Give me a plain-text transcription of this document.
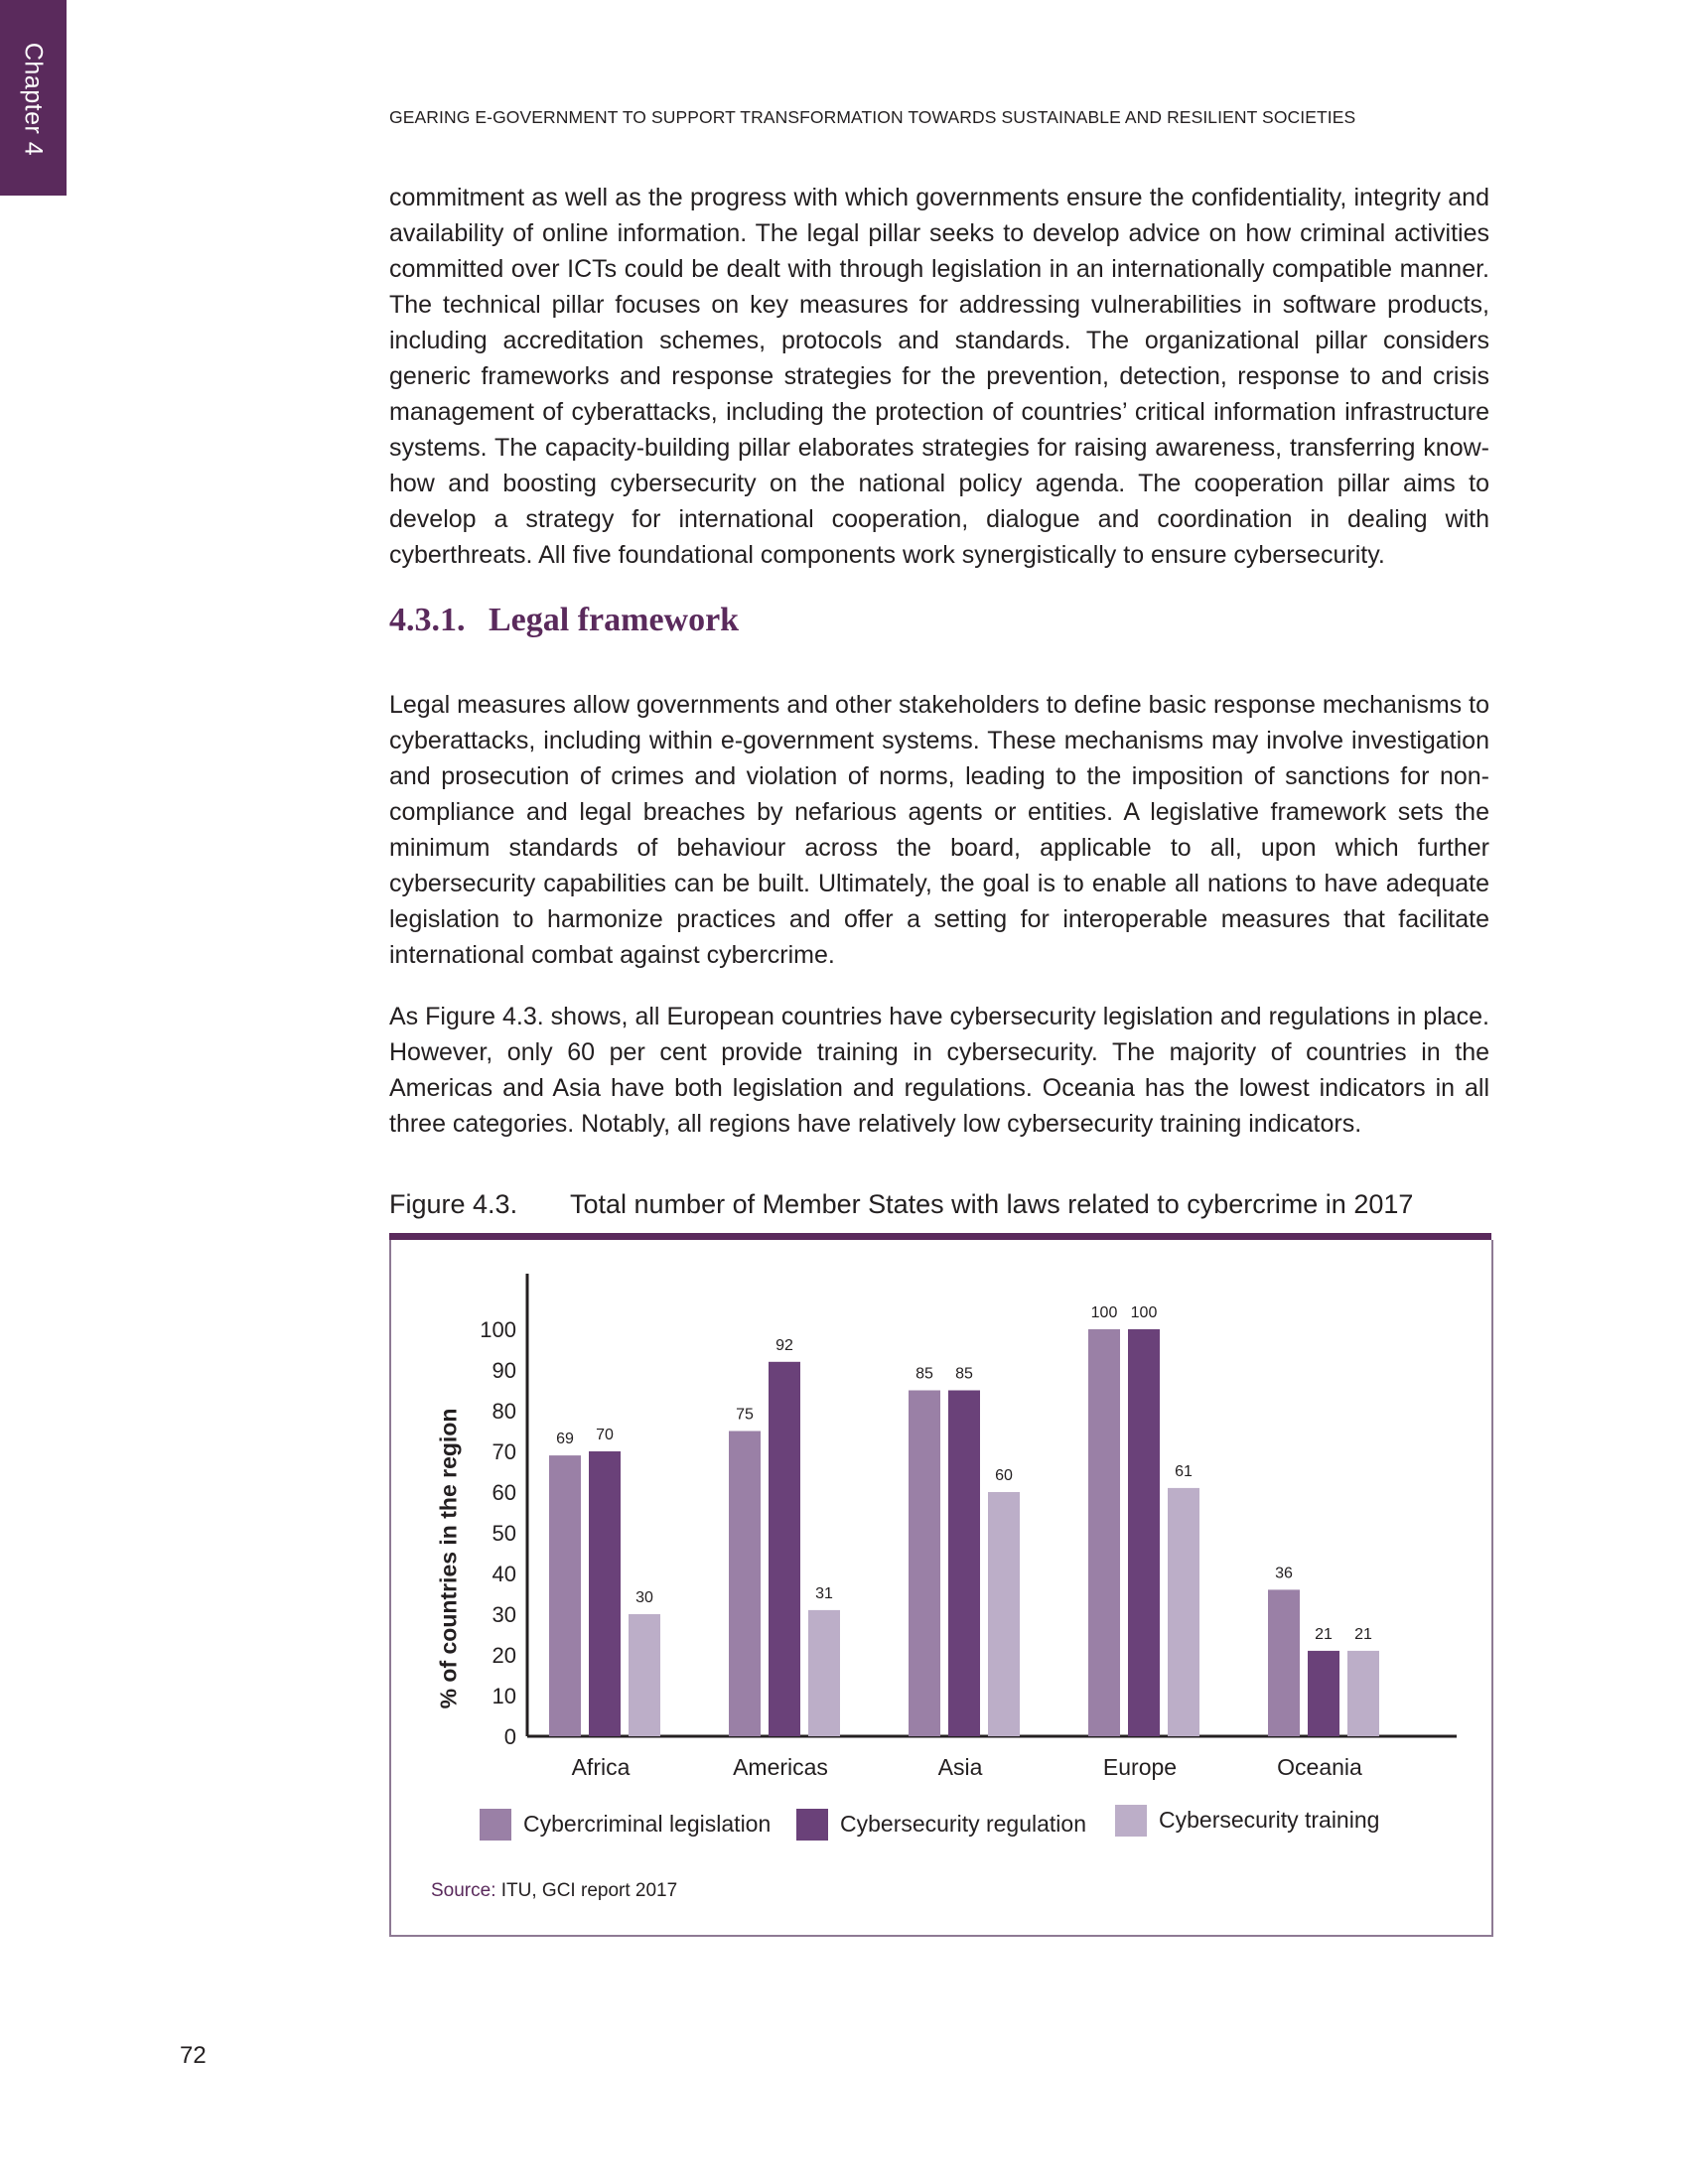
Chapter 4	GEARING E-GOVERNMENT TO SUPPORT TRANSFORMATION TOWARDS SUSTAINABLE AND RESILIENT SOCIETIES

commitment as well as the progress with which governments ensure the confidentiality, integrity and availability of online information. The legal pillar seeks to develop advice on how criminal activities committed over ICTs could be dealt with through legislation in an internationally compatible manner. The technical pillar focuses on key measures for addressing vulnerabilities in software products, including accreditation schemes, protocols and standards. The organizational pillar considers generic frameworks and response strategies for the prevention, detection, response to and crisis management of cyberattacks, including the protection of countries’ critical information infrastructure systems. The capacity-building pillar elaborates strategies for raising awareness, transferring know-how and boosting cybersecurity on the national policy agenda. The cooperation pillar aims to develop a strategy for international cooperation, dialogue and coordination in dealing with cyberthreats. All five foundational components work synergistically to ensure cybersecurity.

4.3.1. Legal framework

Legal measures allow governments and other stakeholders to define basic response mechanisms to cyberattacks, including within e-government systems. These mechanisms may involve investigation and prosecution of crimes and violation of norms, leading to the imposition of sanctions for non-compliance and legal breaches by nefarious agents or entities. A legislative framework sets the minimum standards of behaviour across the board, applicable to all, upon which further cybersecurity capabilities can be built. Ultimately, the goal is to enable all nations to have adequate legislation to harmonize practices and offer a setting for interoperable measures that facilitate international combat against cybercrime.

As Figure 4.3. shows, all European countries have cybersecurity legislation and regulations in place. However, only 60 per cent provide training in cybersecurity. The majority of countries in the Americas and Asia have both legislation and regulations. Oceania has the lowest indicators in all three categories. Notably, all regions have relatively low cybersecurity training indicators.

Figure 4.3. Total number of Member States with laws related to cybercrime in 2017
0
10
20
30
40
50
60
70
80
90
100
69 70
30
Africa
75
92
31
Americas
85 85
60
Asia
100 100
61
Europe
36
21 21
Oceania
% of countries in the region
Cybercriminal legislation	Cybersecurity regulation	Cybersecurity training
Source: ITU, GCI report 2017
72
